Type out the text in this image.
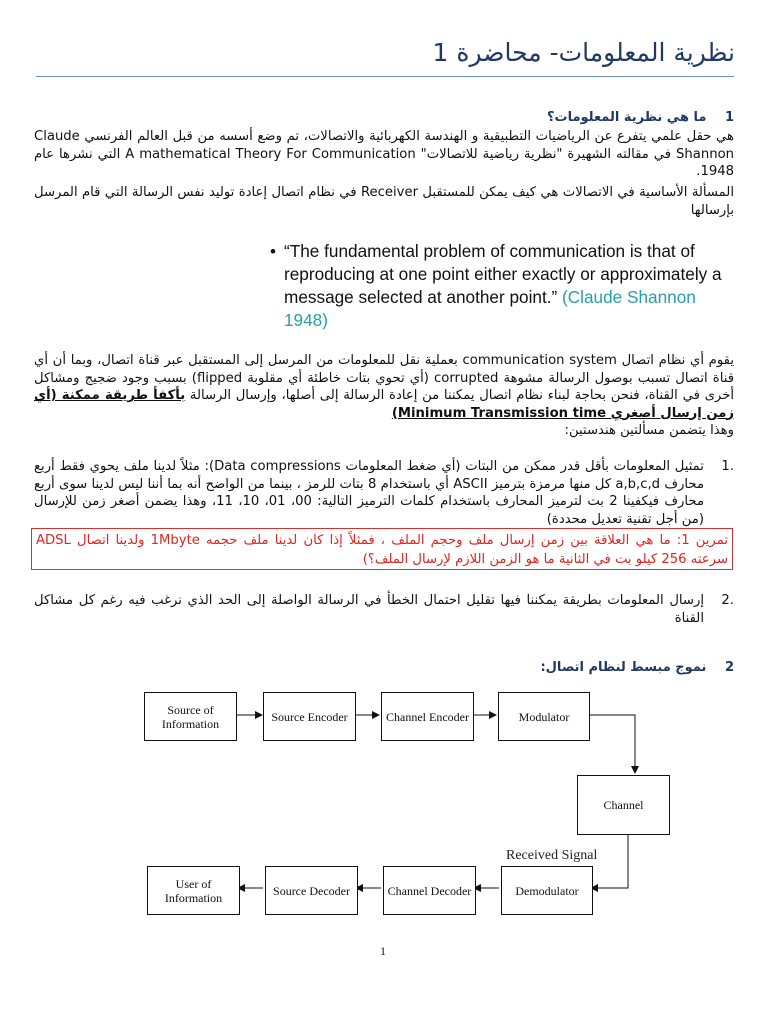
نظرية المعلومات- محاضرة 1
1 ما هي نظرية المعلومات؟
هي حقل علمي يتفرع عن الرياضيات التطبيقية و الهندسة الكهربائية والاتصالات، تم وضع أسسه من قبل العالم الفرنسي Claude Shannon في مقالته الشهيرة "نظرية رياضية للاتصالات" A mathematical Theory For Communication التي نشرها عام 1948.
المسألة الأساسية في الاتصالات هي كيف يمكن للمستقبل Receiver في نظام اتصال إعادة توليد نفس الرسالة التي قام المرسل بإرسالها
• “The fundamental problem of communication is that of reproducing at one point either exactly or approximately a message selected at another point.” (Claude Shannon 1948)
يقوم أي نظام اتصال communication system بعملية نقل للمعلومات من المرسل إلى المستقبل عبر قناة اتصال، وبما أن أي قناة اتصال تسبب بوصول الرسالة مشوهة corrupted (أي تحوي بتات خاطئة أي مقلوبة flipped) بسبب وجود ضجيج ومشاكل أخرى في القناة، فنحن بحاجة لبناء نظام اتصال يمكننا من إعادة الرسالة إلى أصلها، وإرسال الرسالة بأكفأ طريقة ممكنة (أي زمن إرسال أصغري Minimum Transmission time)
وهذا يتضمن مسألتين هندستين:
1.
تمثيل المعلومات بأقل قدر ممكن من البتات (أي ضغط المعلومات Data compressions): مثلاً لدينا ملف يحوي فقط أربع محارف a,b,c,d كل منها مرمزة بترميز ASCII أي باستخدام 8 بتات للرمز ، بينما من الواضح أنه بما أننا ليس لدينا سوى أربع محارف فيكفينا 2 بت لترميز المحارف باستخدام كلمات الترميز التالية: 00، 01، 10، 11، وهذا يضمن أصغر زمن للإرسال (من أجل تقنية تعديل محددة)
تمرين 1: ما هي العلاقة بين زمن إرسال ملف وحجم الملف ، فمثلاً إذا كان لدينا ملف حجمه 1Mbyte ولدينا اتصال ADSL سرعته 256 كيلو بت في الثانية ما هو الزمن اللازم لإرسال الملف؟)
2.
إرسال المعلومات بطريقة يمكننا فيها تقليل احتمال الخطأ في الرسالة الواصلة إلى الحد الذي نرغب فيه رغم كل مشاكل القناة
2 نموج مبسط لنظام اتصال:
Source of Information	Source Encoder	Channel Encoder	Modulator
Channel
Received Signal
Demodulator
Channel Decoder
Source Decoder
User of Information
1
